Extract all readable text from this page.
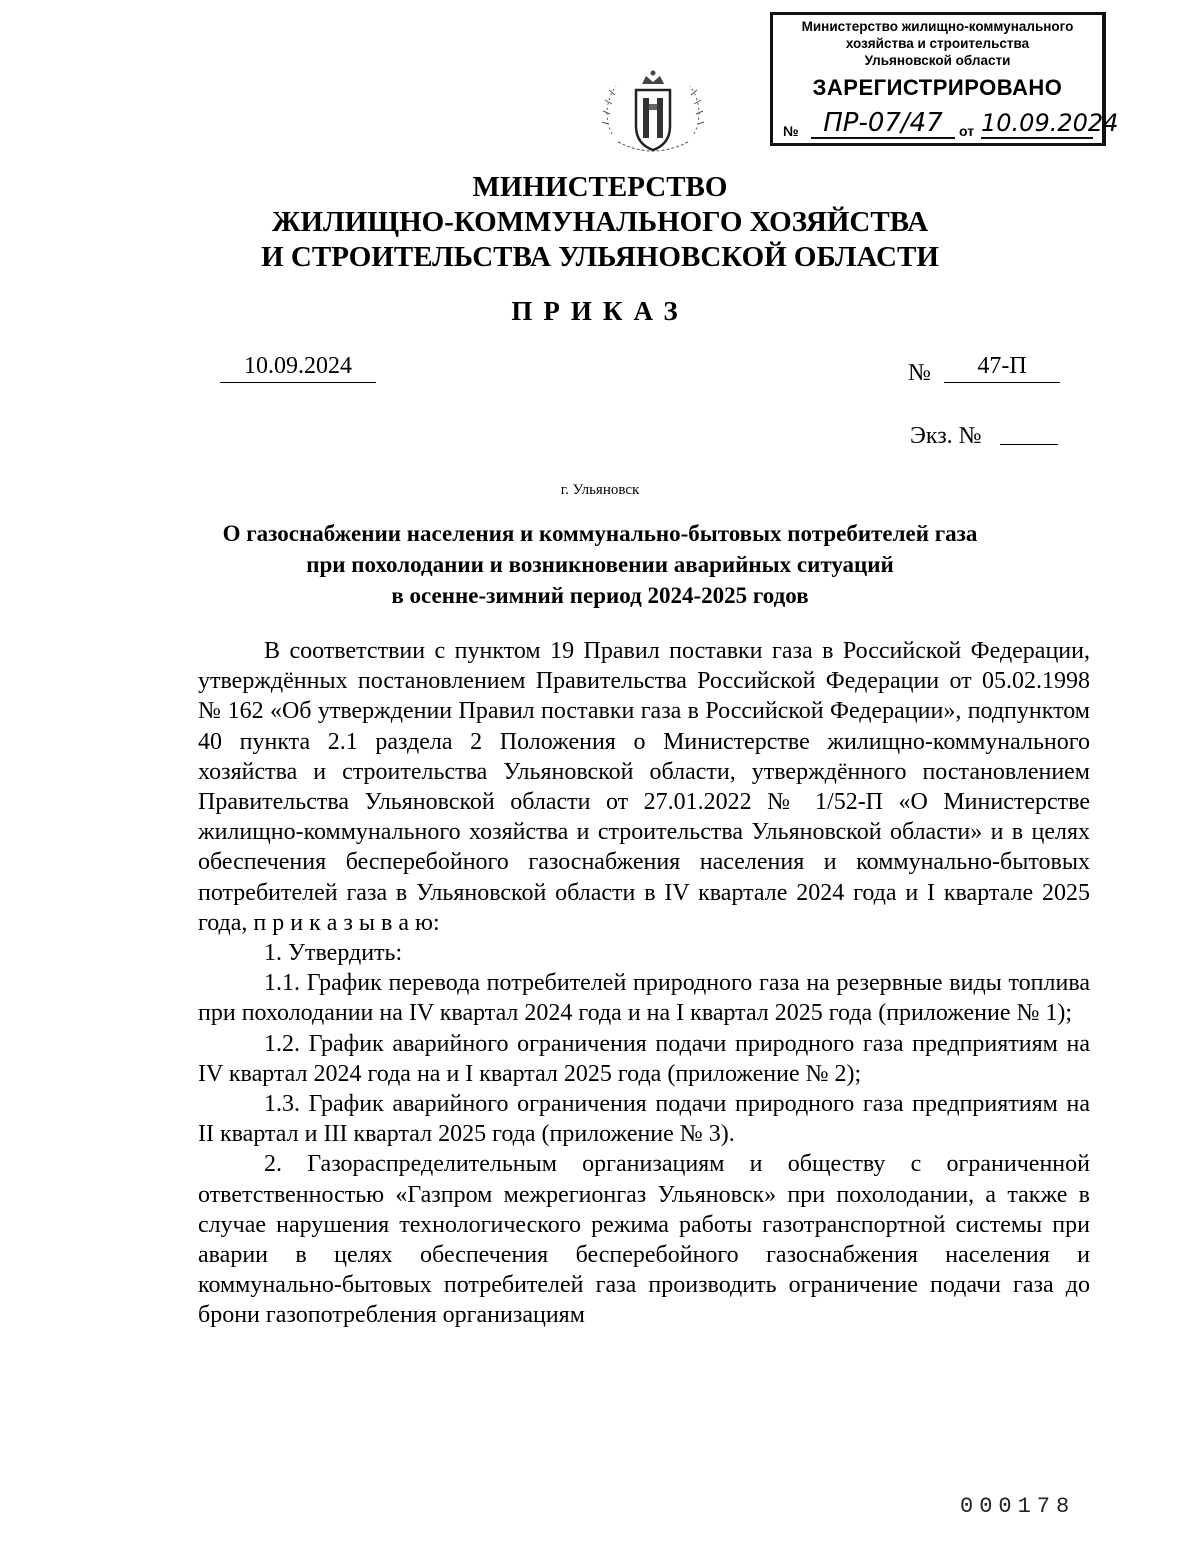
Министерство жилищно-коммунального
хозяйства и строительства
Ульяновской области
ЗАРЕГИСТРИРОВАНО
№ ПР-07/47	от 10.09.2024
МИНИСТЕРСТВО
ЖИЛИЩНО-КОММУНАЛЬНОГО ХОЗЯЙСТВА
И СТРОИТЕЛЬСТВА УЛЬЯНОВСКОЙ ОБЛАСТИ
ПРИКАЗ
10.09.2024	№	47-П
Экз. №
г. Ульяновск
О газоснабжении населения и коммунально-бытовых потребителей газа
при похолодании и возникновении аварийных ситуаций
в осенне-зимний период 2024-2025 годов

В соответствии с пунктом 19 Правил поставки газа в Российской Федерации, утверждённых постановлением Правительства Российской Федерации от 05.02.1998 № 162 «Об утверждении Правил поставки газа в Российской Федерации», подпунктом 40 пункта 2.1 раздела 2 Положения о Министерстве жилищно-коммунального хозяйства и строительства Ульяновской области, утверждённого постановлением Правительства Ульяновской области от 27.01.2022 № 1/52-П «О Министерстве жилищно-коммунального хозяйства и строительства Ульяновской области» и в целях обеспечения бесперебойного газоснабжения населения и коммунально-бытовых потребителей газа в Ульяновской области в IV квартале 2024 года и I квартале 2025 года, п р и к а з ы в а ю:

1. Утвердить:

1.1. График перевода потребителей природного газа на резервные виды топлива при похолодании на IV квартал 2024 года и на I квартал 2025 года (приложение № 1);

1.2. График аварийного ограничения подачи природного газа предприятиям на IV квартал 2024 года на и I квартал 2025 года (приложение № 2);

1.3. График аварийного ограничения подачи природного газа предприятиям на II квартал и III квартал 2025 года (приложение № 3).

2. Газораспределительным организациям и обществу с ограниченной ответственностью «Газпром межрегионгаз Ульяновск» при похолодании, а также в случае нарушения технологического режима работы газотранспортной системы при аварии в целях обеспечения бесперебойного газоснабжения населения и коммунально-бытовых потребителей газа производить ограничение подачи газа до брони газопотребления организациям

000178
